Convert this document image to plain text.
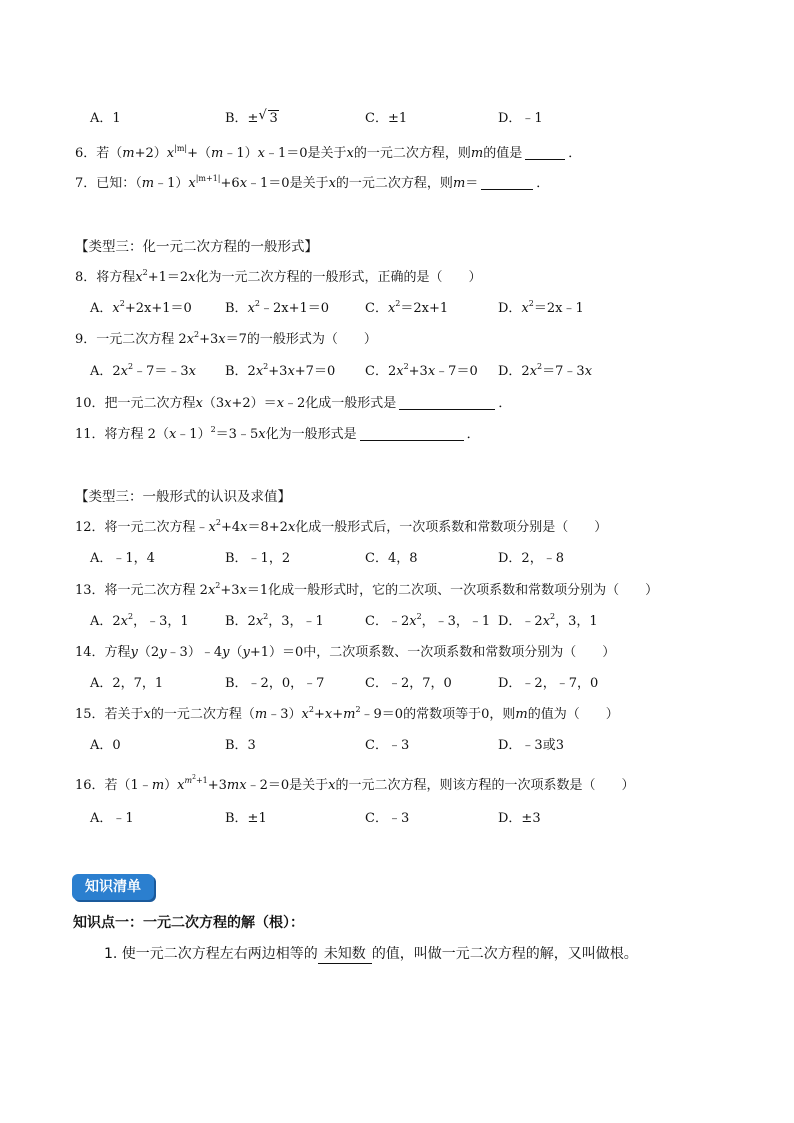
A．1	B．± √ 3	C．±1	D．﹣1
6．若$(m+2)x^{|m|}+(m﹣1)x﹣1=0$是关于x的一元二次方程，则m的值是	．
7．已知：$(m﹣1)x^{|m+1|}+6x﹣1=0$是关于x的一元二次方程，则m＝	．
【类型三：化一元二次方程的一般形式】
8．将方程$x^2+1=2x$化为一元二次方程的一般形式，正确的是（　　）
A．$x^2+2x+1=0$	B．$x^2﹣2x+1=0$	C．$x^2=2x+1$	D．$x^2=2x﹣1$
9．一元二次方程 $2x^2+3x=7$的一般形式为（　　）
A．$2x^2﹣7=﹣3x$ B．$2x^2+3x+7=0$ C．$2x^2+3x﹣7=0$ D．$2x^2=7﹣3x$
10．把一元二次方程x（3x+2）＝x﹣2化成一般形式是	．
11．将方程 2（x﹣1）$^2$＝3﹣5x化为一般形式是	．
【类型三：一般形式的认识及求值】
12．将一元二次方程$﹣x^2+4x=8+2x$化成一般形式后，一次项系数和常数项分别是（　　）
A．﹣1，4	B．﹣1，2	C．4，8	D．2，﹣8
13．将一元二次方程 $2x^2+3x=1$化成一般形式时，它的二次项、一次项系数和常数项分别为（　　）
A．$2x^2$，﹣3，1	B．$2x^2$，3，﹣1	C．$﹣2x^2$，﹣3，﹣1 D．$﹣2x^2$，3，1
14．方程y（2y﹣3）﹣4y（y+1）＝0中，二次项系数、一次项系数和常数项分别为（　　）
A．2，7，1	B．﹣2，0，﹣7	C．﹣2，7，0	D．﹣2，﹣7，0
15．若关于x的一元二次方程$(m﹣3)x^2+x+m^2﹣9=0$的常数项等于0，则m的值为（　　）
A．0	B．3	C．﹣3	D．﹣3或3
16．若$(1﹣m)x^{m^2+1}+3mx﹣2=0$是关于x的一元二次方程，则该方程的一次项系数是（　　）
A．﹣1	B．±1	C．﹣3	D．±3
知识清单
知识点一：一元二次方程的解（根）：
1. 使一元二次方程左右两边相等的 未知数 的值，叫做一元二次方程的解，又叫做根。
